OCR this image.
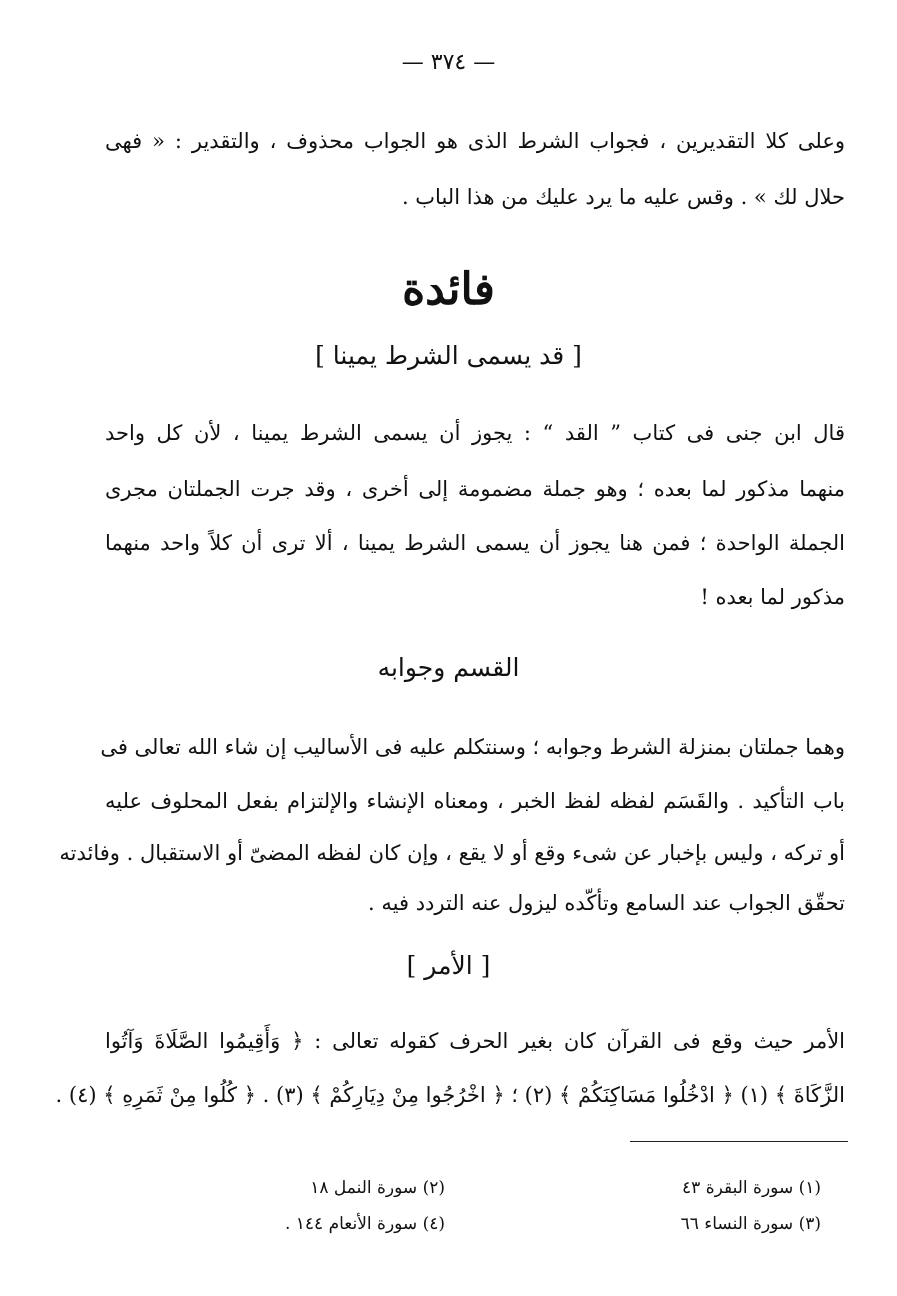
— ٣٧٤ —
وعلى كلا التقديرين ، فجواب الشرط الذى هو الجواب محذوف ، والتقدير : « فهى
حلال لك » . وقس عليه ما يرد عليك من هذا الباب .
فائدة
[ قد يسمى الشرط يمينا ]
قال ابن جنى فى كتاب ” القد “ : يجوز أن يسمى الشرط يمينا ، لأن كل واحد
منهما مذكور لما بعده ؛ وهو جملة مضمومة إلى أخرى ، وقد جرت الجملتان مجرى
الجملة الواحدة ؛ فمن هنا يجوز أن يسمى الشرط يمينا ، ألا ترى أن كلاً واحد منهما
مذكور لما بعده !
القسم وجوابه
وهما جملتان بمنزلة الشرط وجوابه ؛ وسنتكلم عليه فى الأساليب إن شاء الله تعالى فى
باب التأكيد . والقَسَم لفظه لفظ الخبر ، ومعناه الإنشاء والإلتزام بفعل المحلوف عليه
أو تركه ، وليس بإخبار عن شىء وقع أو لا يقع ، وإن كان لفظه المضىّ أو الاستقبال . وفائدته
تحقّق الجواب عند السامع وتأكّده ليزول عنه التردد فيه .
[ الأمر ]
الأمر حيث وقع فى القرآن كان بغير الحرف كقوله تعالى : ﴿ وَأَقِيمُوا الصَّلَاةَ وَآتُوا
الزَّكَاةَ ﴾ (١) ﴿ ادْخُلُوا مَسَاكِنَكُمْ ﴾ (٢) ؛ ﴿ اخْرُجُوا مِنْ دِيَارِكُمْ ﴾ (٣) . ﴿ كُلُوا مِنْ ثَمَرِهِ ﴾ (٤) .
(١) سورة البقرة ٤٣
(٢) سورة النمل ١٨
(٣) سورة النساء ٦٦
(٤) سورة الأنعام ١٤٤ .
